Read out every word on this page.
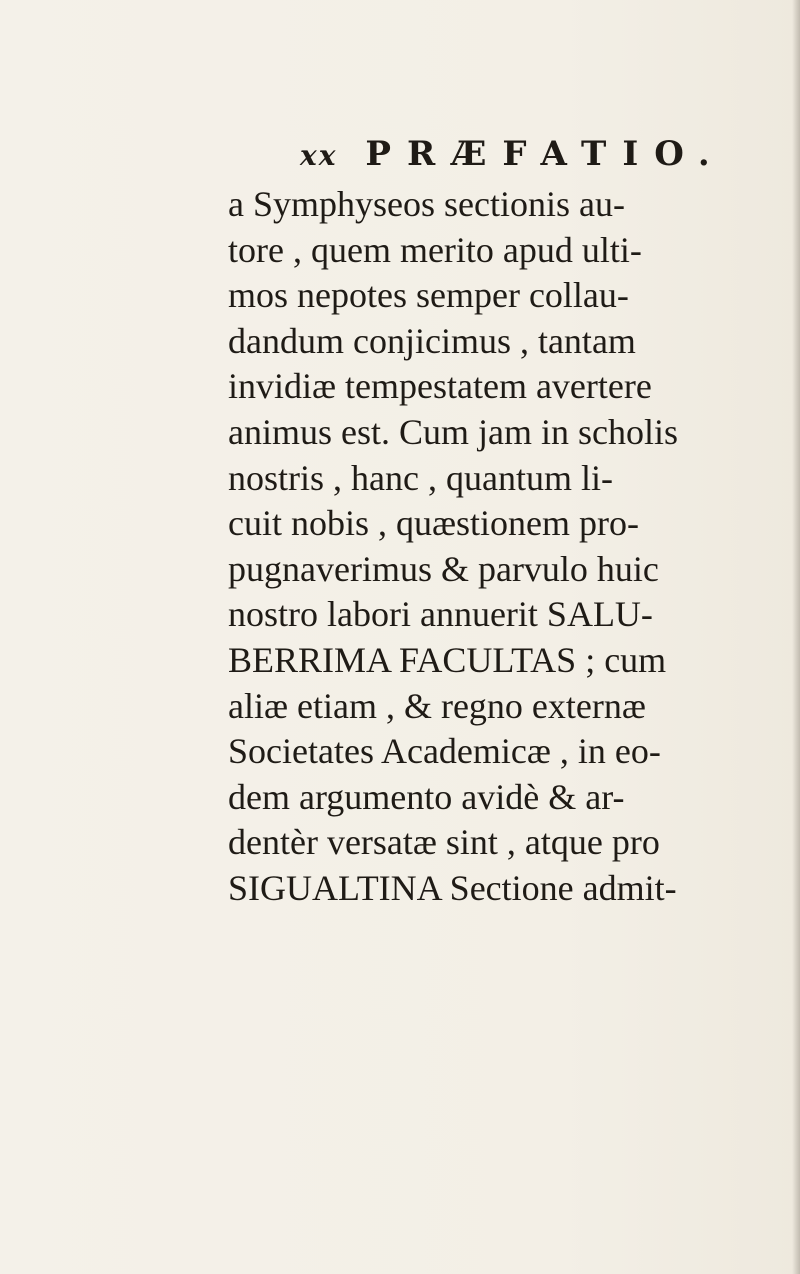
xx PRÆFATIO.
a Symphyseos sectionis au-
tore , quem merito apud ulti-
mos nepotes semper collau-
dandum conjicimus , tantam
invidiæ tempestatem avertere
animus est. Cum jam in scholis
nostris , hanc , quantum li-
cuit nobis , quæstionem pro-
pugnaverimus & parvulo huic
nostro labori annuerit SALU-
BERRIMA FACULTAS ; cum
aliæ etiam , & regno externæ
Societates Academicæ , in eo-
dem argumento avidè & ar-
dentèr versatæ sint , atque pro
SIGUALTINA Sectione admit-
